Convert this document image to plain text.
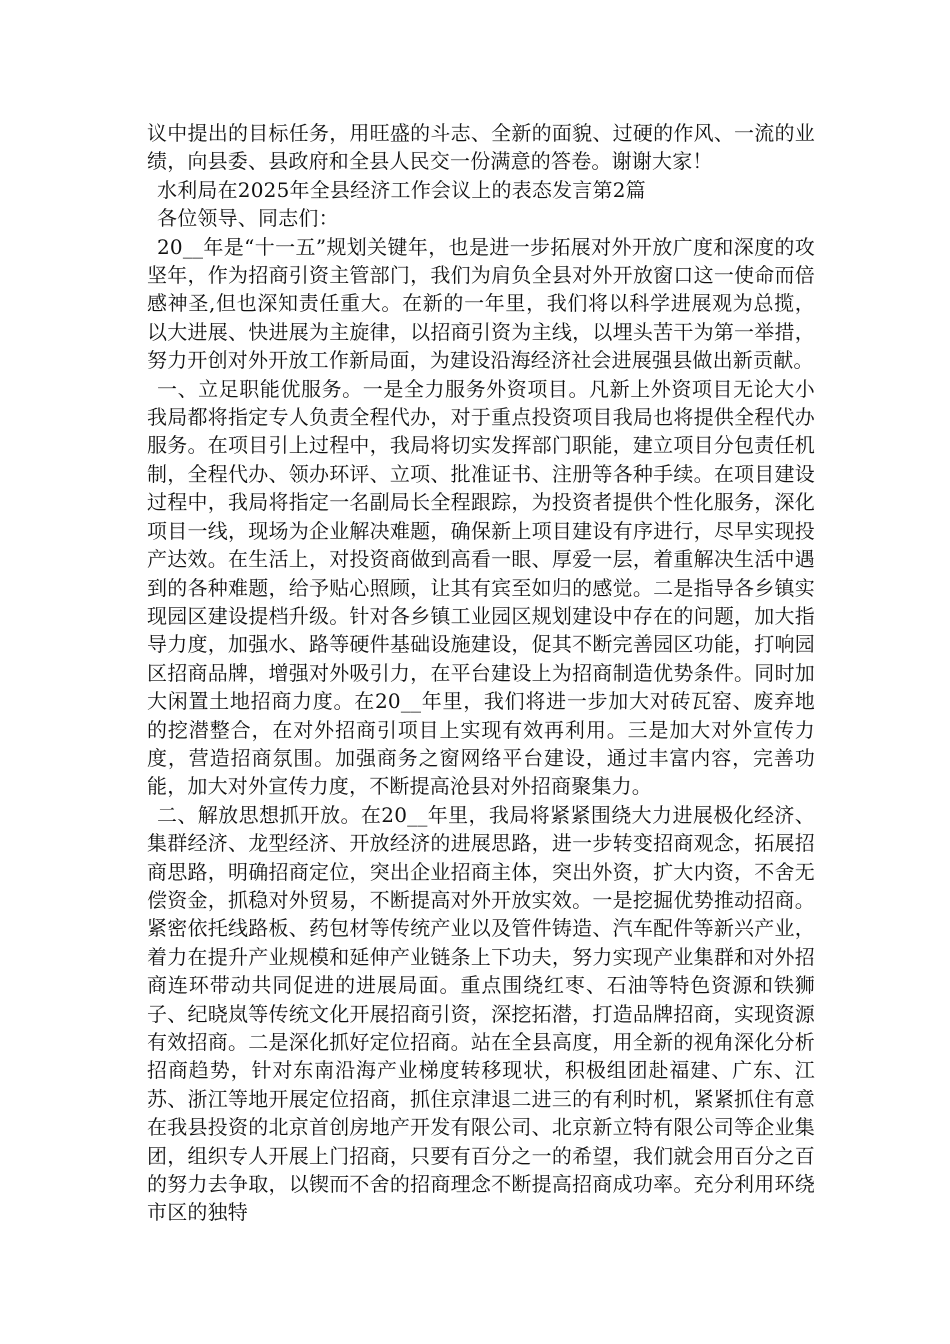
议中提出的目标任务，用旺盛的斗志、全新的面貌、过硬的作风、一流的业绩，向县委、县政府和全县人民交一份满意的答卷。谢谢大家！

水利局在2025年全县经济工作会议上的表态发言第2篇

各位领导、同志们：

20__年是“十一五”规划关键年，也是进一步拓展对外开放广度和深度的攻坚年，作为招商引资主管部门，我们为肩负全县对外开放窗口这一使命而倍感神圣,但也深知责任重大。在新的一年里，我们将以科学进展观为总揽，以大进展、快进展为主旋律，以招商引资为主线，以埋头苦干为第一举措，努力开创对外开放工作新局面，为建设沿海经济社会进展强县做出新贡献。

一、立足职能优服务。一是全力服务外资项目。凡新上外资项目无论大小我局都将指定专人负责全程代办，对于重点投资项目我局也将提供全程代办服务。在项目引上过程中，我局将切实发挥部门职能，建立项目分包责任机制，全程代办、领办环评、立项、批准证书、注册等各种手续。在项目建设过程中，我局将指定一名副局长全程跟踪，为投资者提供个性化服务，深化项目一线，现场为企业解决难题，确保新上项目建设有序进行，尽早实现投产达效。在生活上，对投资商做到高看一眼、厚爱一层，着重解决生活中遇到的各种难题，给予贴心照顾，让其有宾至如归的感觉。二是指导各乡镇实现园区建设提档升级。针对各乡镇工业园区规划建设中存在的问题，加大指导力度，加强水、路等硬件基础设施建设，促其不断完善园区功能，打响园区招商品牌，增强对外吸引力，在平台建设上为招商制造优势条件。同时加大闲置土地招商力度。在20__年里，我们将进一步加大对砖瓦窑、废弃地的挖潜整合，在对外招商引项目上实现有效再利用。三是加大对外宣传力度，营造招商氛围。加强商务之窗网络平台建设，通过丰富内容，完善功能，加大对外宣传力度，不断提高沧县对外招商聚集力。

二、解放思想抓开放。在20__年里，我局将紧紧围绕大力进展极化经济、集群经济、龙型经济、开放经济的进展思路，进一步转变招商观念，拓展招商思路，明确招商定位，突出企业招商主体，突出外资，扩大内资，不舍无偿资金，抓稳对外贸易，不断提高对外开放实效。一是挖掘优势推动招商。紧密依托线路板、药包材等传统产业以及管件铸造、汽车配件等新兴产业，着力在提升产业规模和延伸产业链条上下功夫，努力实现产业集群和对外招商连环带动共同促进的进展局面。重点围绕红枣、石油等特色资源和铁狮子、纪晓岚等传统文化开展招商引资，深挖拓潜，打造品牌招商，实现资源有效招商。二是深化抓好定位招商。站在全县高度，用全新的视角深化分析招商趋势，针对东南沿海产业梯度转移现状，积极组团赴福建、广东、江苏、浙江等地开展定位招商，抓住京津退二进三的有利时机，紧紧抓住有意在我县投资的北京首创房地产开发有限公司、北京新立特有限公司等企业集团，组织专人开展上门招商，只要有百分之一的希望，我们就会用百分之百的努力去争取，以锲而不舍的招商理念不断提高招商成功率。充分利用环绕市区的独特
